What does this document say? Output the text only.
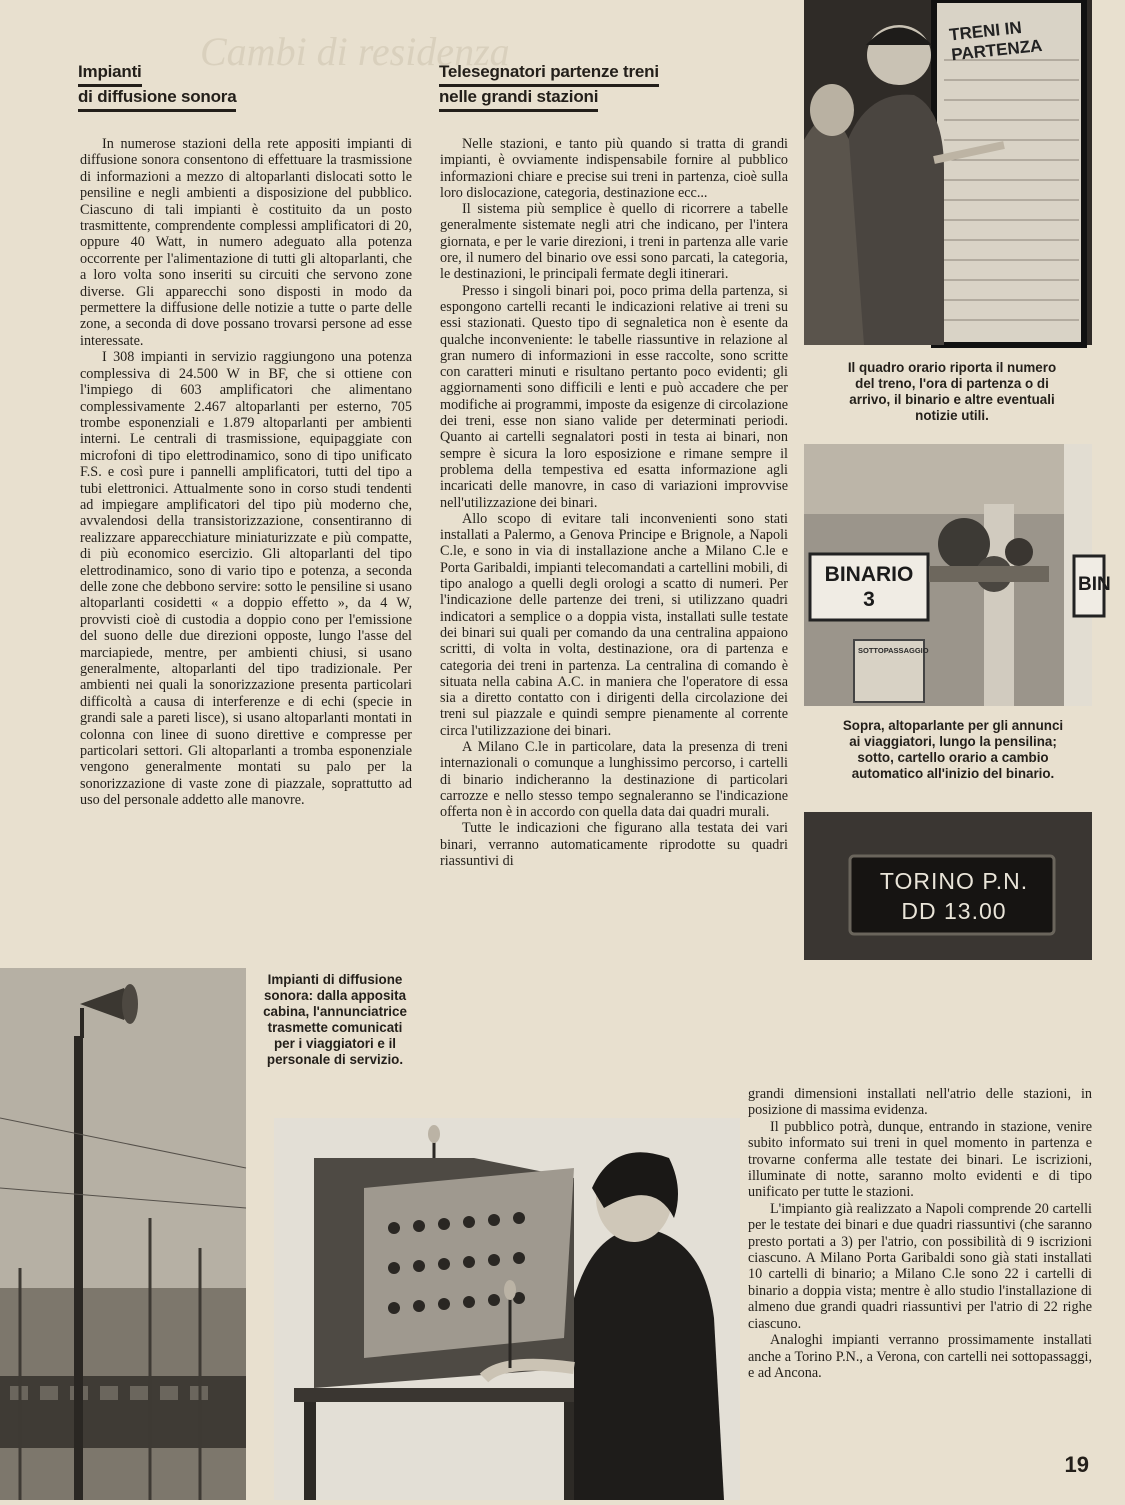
Cambi di residenza
Impianti
di diffusione sonora
Telesegnatori partenze treni
nelle grandi stazioni

In numerose stazioni della rete appositi impianti di diffusione sonora consentono di effettuare la trasmissione di informazioni a mezzo di altoparlanti dislocati sotto le pensiline e negli ambienti a disposizione del pubblico. Ciascuno di tali impianti è costituito da un posto trasmittente, comprendente complessi amplificatori di 20, oppure 40 Watt, in numero adeguato alla potenza occorrente per l'alimentazione di tutti gli altoparlanti, che a loro volta sono inseriti su circuiti che servono zone diverse. Gli apparecchi sono disposti in modo da permettere la diffusione delle notizie a tutte o parte delle zone, a seconda di dove possano trovarsi persone ad esse interessate.

I 308 impianti in servizio raggiungono una potenza complessiva di 24.500 W in BF, che si ottiene con l'impiego di 603 amplificatori che alimentano complessivamente 2.467 altoparlanti per esterno, 705 trombe esponenziali e 1.879 altoparlanti per ambienti interni. Le centrali di trasmissione, equipaggiate con microfoni di tipo elettrodinamico, sono di tipo unificato F.S. e così pure i pannelli amplificatori, tutti del tipo a tubi elettronici. Attualmente sono in corso studi tendenti ad impiegare amplificatori del tipo più moderno che, avvalendosi della transistorizzazione, consentiranno di realizzare apparecchiature miniaturizzate e più compatte, di più economico esercizio. Gli altoparlanti del tipo elettrodinamico, sono di vario tipo e potenza, a seconda delle zone che debbono servire: sotto le pensiline si usano altoparlanti cosidetti « a doppio effetto », da 4 W, provvisti cioè di custodia a doppio cono per l'emissione del suono delle due direzioni opposte, lungo l'asse del marciapiede, mentre, per ambienti chiusi, si usano generalmente, altoparlanti del tipo tradizionale. Per ambienti nei quali la sonorizzazione presenta particolari difficoltà a causa di interferenze e di echi (specie in grandi sale a pareti lisce), si usano altoparlanti montati in colonna con linee di suono direttive e compresse per particolari settori. Gli altoparlanti a tromba esponenziale vengono generalmente montati su palo per la sonorizzazione di vaste zone di piazzale, soprattutto ad uso del personale addetto alle manovre.

Nelle stazioni, e tanto più quando si tratta di grandi impianti, è ovviamente indispensabile fornire al pubblico informazioni chiare e precise sui treni in partenza, cioè sulla loro dislocazione, categoria, destinazione ecc...

Il sistema più semplice è quello di ricorrere a tabelle generalmente sistemate negli atri che indicano, per l'intera giornata, e per le varie direzioni, i treni in partenza alle varie ore, il numero del binario ove essi sono parcati, la categoria, le destinazioni, le principali fermate degli itinerari.

Presso i singoli binari poi, poco prima della partenza, si espongono cartelli recanti le indicazioni relative ai treni su essi stazionati. Questo tipo di segnaletica non è esente da qualche inconveniente: le tabelle riassuntive in relazione al gran numero di informazioni in esse raccolte, sono scritte con caratteri minuti e risultano pertanto poco evidenti; gli aggiornamenti sono difficili e lenti e può accadere che per modifiche ai programmi, imposte da esigenze di circolazione dei treni, esse non siano valide per determinati periodi. Quanto ai cartelli segnalatori posti in testa ai binari, non sempre è sicura la loro esposizione e rimane sempre il problema della tempestiva ed esatta informazione agli incaricati delle manovre, in caso di variazioni improvvise nell'utilizzazione dei binari.

Allo scopo di evitare tali inconvenienti sono stati installati a Palermo, a Genova Principe e Brignole, a Napoli C.le, e sono in via di installazione anche a Milano C.le e Porta Garibaldi, impianti telecomandati a cartellini mobili, di tipo analogo a quelli degli orologi a scatto di numeri. Per l'indicazione delle partenze dei treni, si utilizzano quadri indicatori a semplice o a doppia vista, installati sulle testate dei binari sui quali per comando da una centralina appaiono scritti, di volta in volta, destinazione, ora di partenza e categoria dei treni in partenza. La centralina di comando è situata nella cabina A.C. in maniera che l'operatore di essa sia a diretto contatto con i dirigenti della circolazione dei treni sul piazzale e quindi sempre pienamente al corrente circa l'utilizzazione dei binari.

A Milano C.le in particolare, data la presenza di treni internazionali o comunque a lunghissimo percorso, i cartelli di binario indicheranno la destinazione di particolari carrozze e nello stesso tempo segnaleranno se l'indicazione offerta non è in accordo con quella data dai quadri murali.

Tutte le indicazioni che figurano alla testata dei vari binari, verranno automaticamente riprodotte su quadri riassuntivi di

grandi dimensioni installati nell'atrio delle stazioni, in posizione di massima evidenza.

Il pubblico potrà, dunque, entrando in stazione, venire subito informato sui treni in quel momento in partenza e trovarne conferma alle testate dei binari. Le iscrizioni, illuminate di notte, saranno molto evidenti e di tipo unificato per tutte le stazioni.

L'impianto già realizzato a Napoli comprende 20 cartelli per le testate dei binari e due quadri riassuntivi (che saranno presto portati a 3) per l'atrio, con possibilità di 9 iscrizioni ciascuno. A Milano Porta Garibaldi sono già stati installati 10 cartelli di binario; a Milano C.le sono 22 i cartelli di binario a doppia vista; mentre è allo studio l'installazione di almeno due grandi quadri riassuntivi per l'atrio di 22 righe ciascuno.

Analoghi impianti verranno prossimamente installati anche a Torino P.N., a Verona, con cartelli nei sottopassaggi, e ad Ancona.

TRENI IN PARTENZA
Il quadro orario riporta il numero del treno, l'ora di partenza o di arrivo, il binario e altre eventuali notizie utili.
BINARIO
3
BIN
SOTTOPASSAGGIO
Sopra, altoparlante per gli annunci ai viaggiatori, lungo la pensilina; sotto, cartello orario a cambio automatico all'inizio del binario.
TORINO P.N.
DD 13.00
Impianti di diffusione sonora: dalla apposita cabina, l'annunciatrice trasmette comunicati per i viaggiatori e il personale di servizio.
19
